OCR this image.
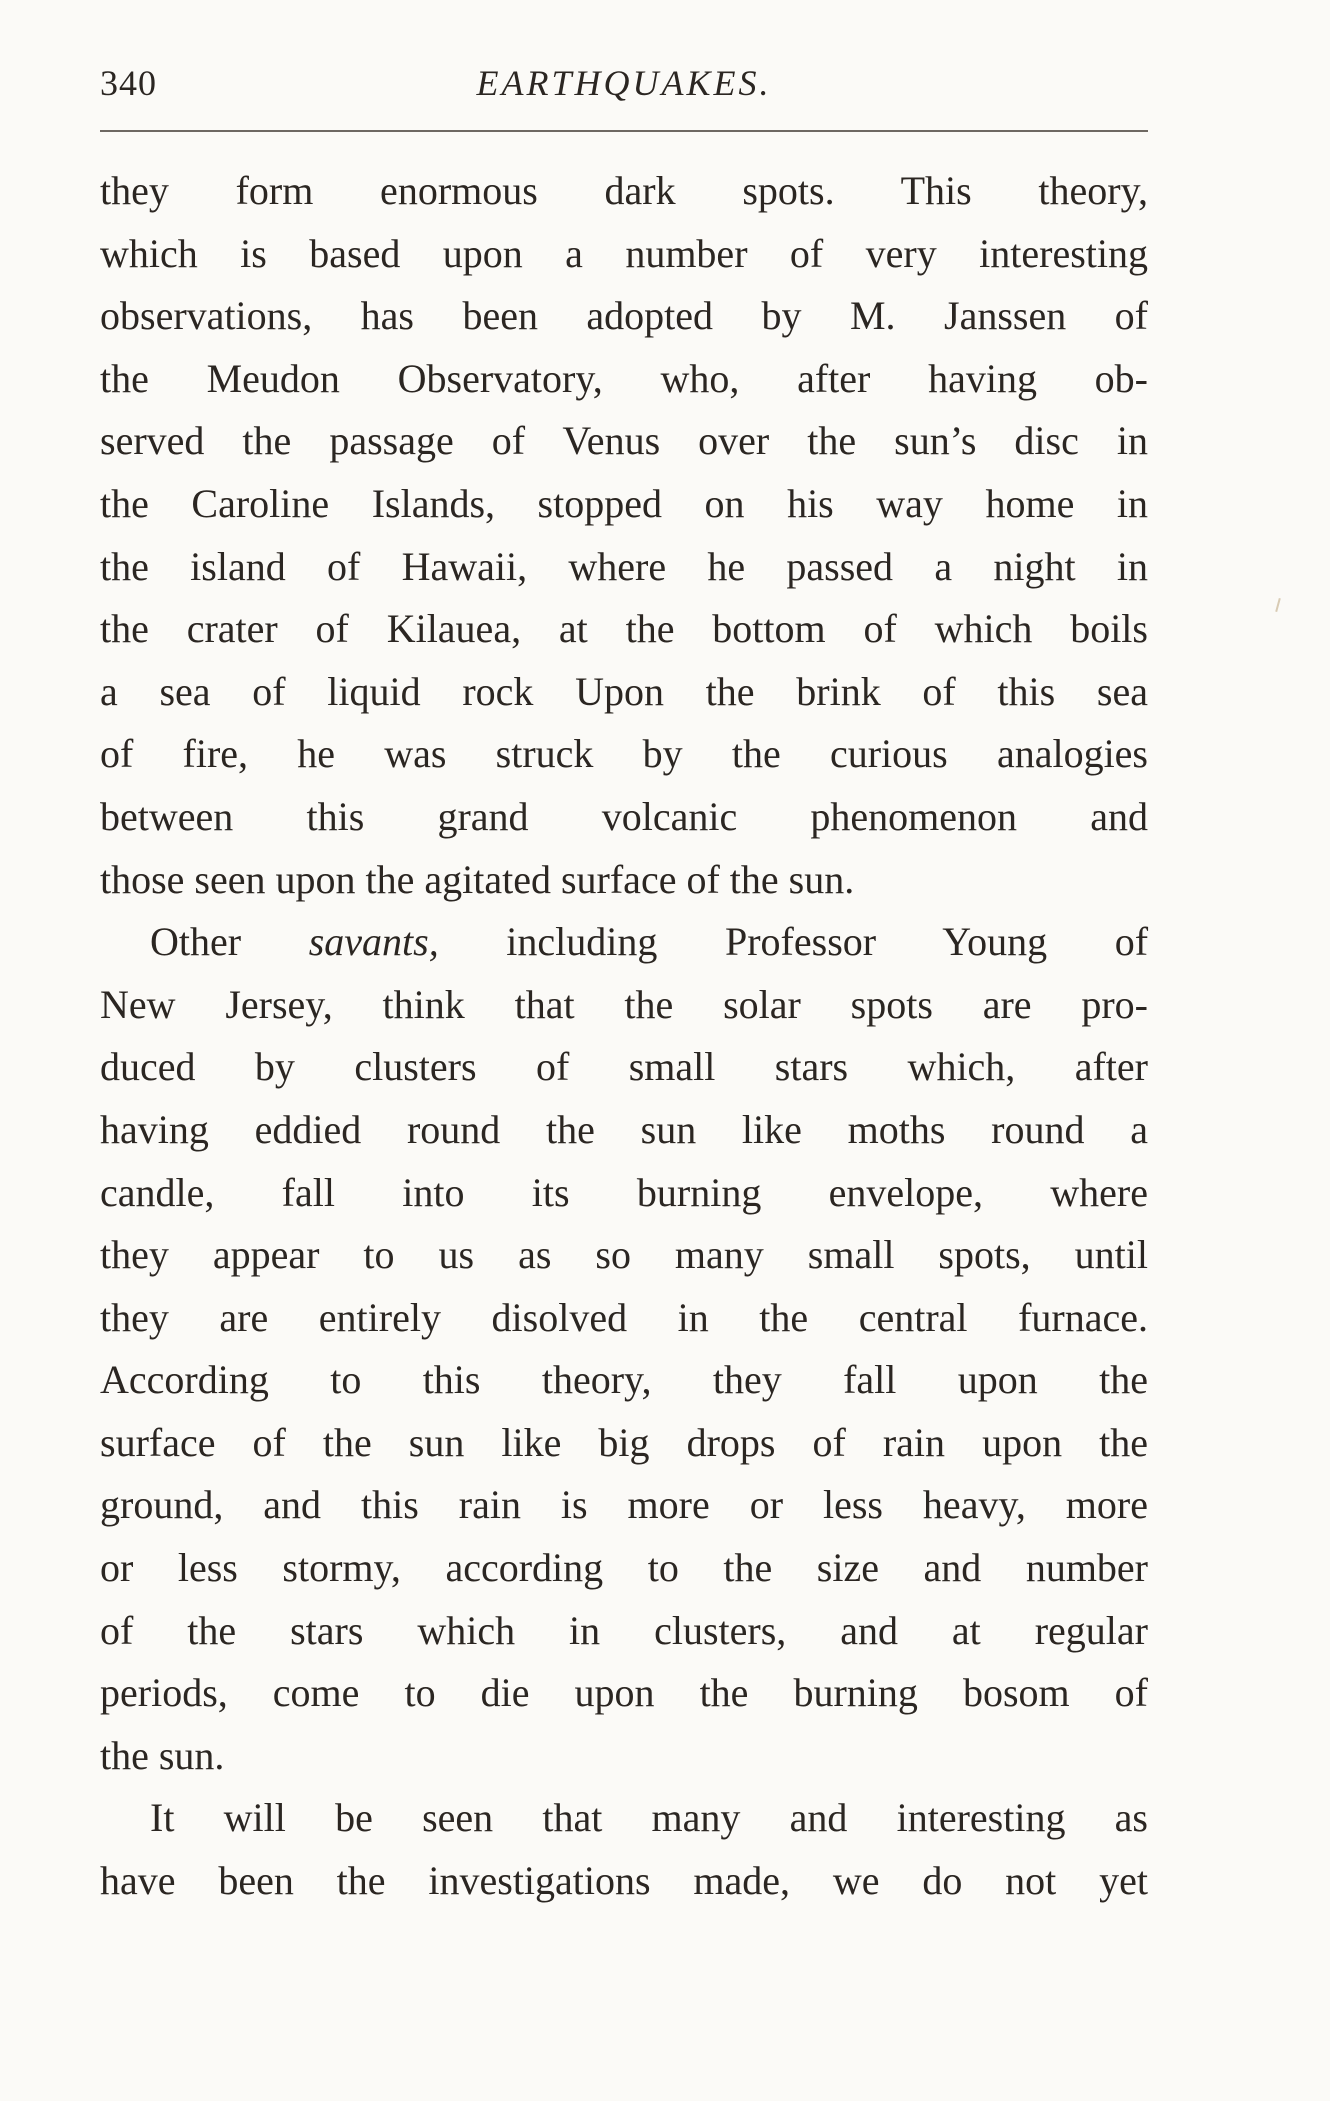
340	EARTHQUAKES.
they form enormous dark spots. This theory,
which is based upon a number of very interesting
observations, has been adopted by M. Janssen of
the Meudon Observatory, who, after having ob-
served the passage of Venus over the sun’s disc in
the Caroline Islands, stopped on his way home in
the island of Hawaii, where he passed a night in
the crater of Kilauea, at the bottom of which boils
a sea of liquid rock Upon the brink of this sea
of fire, he was struck by the curious analogies
between this grand volcanic phenomenon and
those seen upon the agitated surface of the sun.
Other savants, including Professor Young of
New Jersey, think that the solar spots are pro-
duced by clusters of small stars which, after
having eddied round the sun like moths round a
candle, fall into its burning envelope, where
they appear to us as so many small spots, until
they are entirely disolved in the central furnace.
According to this theory, they fall upon the
surface of the sun like big drops of rain upon the
ground, and this rain is more or less heavy, more
or less stormy, according to the size and number
of the stars which in clusters, and at regular
periods, come to die upon the burning bosom of
the sun.
It will be seen that many and interesting as
have been the investigations made, we do not yet
